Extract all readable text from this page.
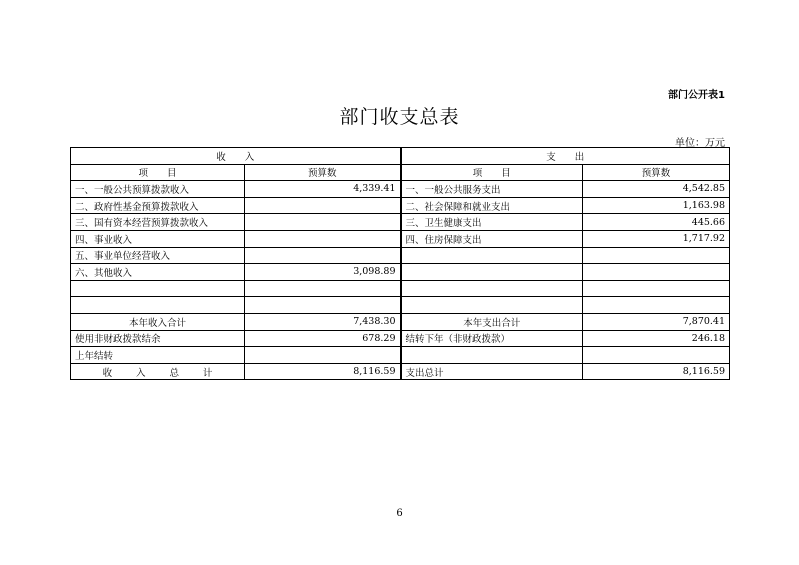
部门公开表1
部门收支总表
单位：万元
收　　入		支　　出	
项　　目	预算数	项　　目	预算数
一、一般公共预算拨款收入	4,339.41	一、一般公共服务支出	4,542.85
二、政府性基金预算拨款收入		二、社会保障和就业支出	1,163.98
三、国有资本经营预算拨款收入		三、卫生健康支出	445.66
四、事业收入		四、住房保障支出	1,717.92
五、事业单位经营收入			
六、其他收入	3,098.89		

本年收入合计	7,438.30	本年支出合计	7,870.41
使用非财政拨款结余	678.29	结转下年（非财政拨款）	246.18
上年结转			
收 入 总 计	8,116.59	支出总计	8,116.59
6
